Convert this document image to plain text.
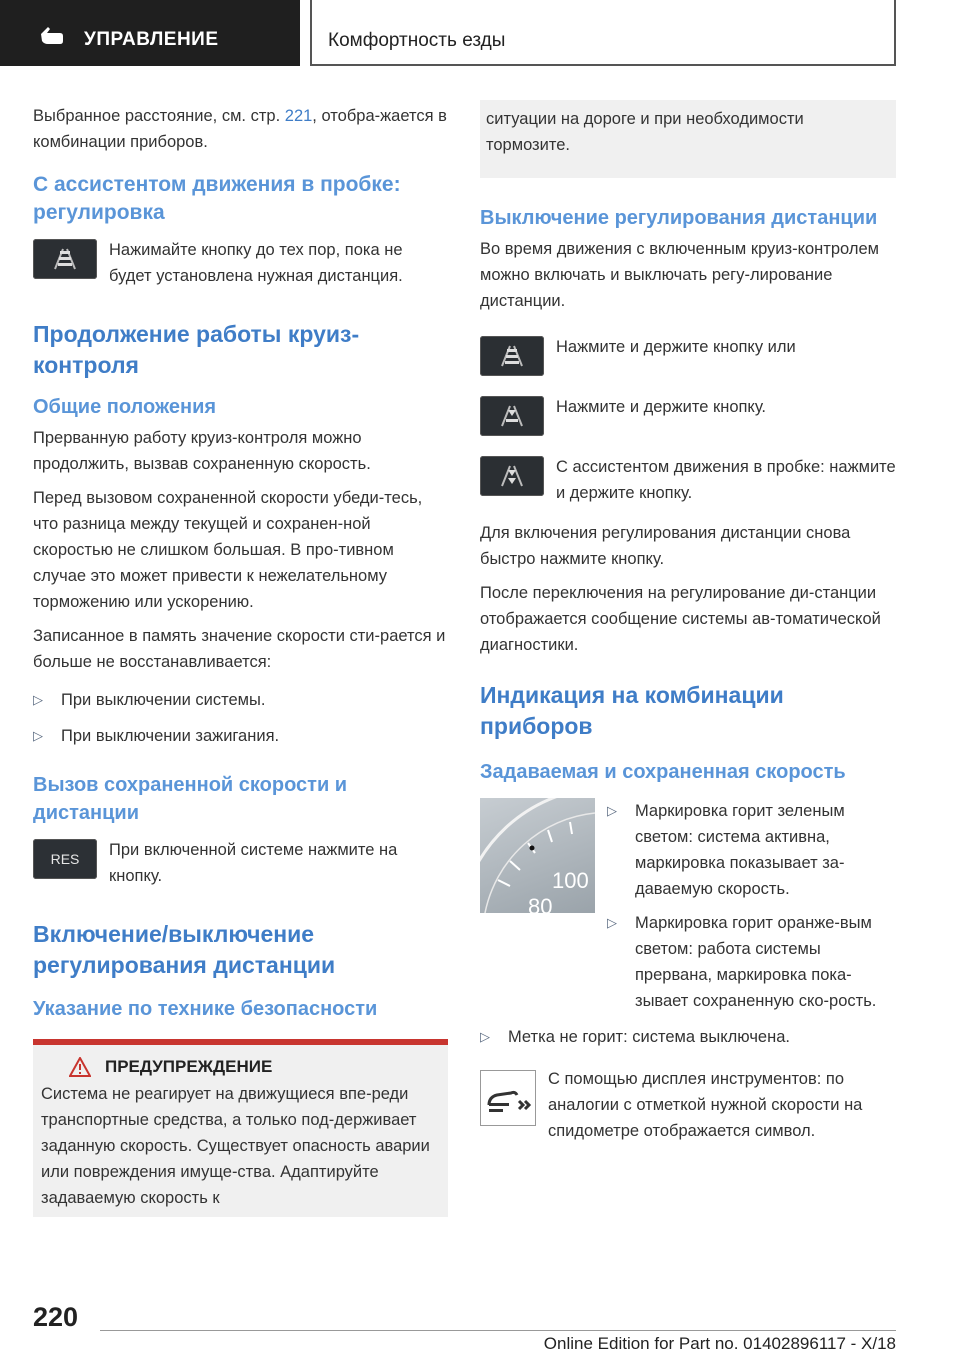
УПРАВЛЕНИЕ	Комфортность езды

Выбранное расстояние, см. стр. 221, отобра-жается в комбинации приборов.

С ассистентом движения в пробке: регулировка

Нажимайте кнопку до тех пор, пока не будет установлена нужная дистанция.

Продолжение работы круиз-контроля
Общие положения

Прерванную работу круиз-контроля можно продолжить, вызвав сохраненную скорость.

Перед вызовом сохраненной скорости убеди-тесь, что разница между текущей и сохранен-ной скоростью не слишком большая. В про-тивном случае это может привести к нежелательному торможению или ускорению.

Записанное в память значение скорости сти-рается и больше не восстанавливается:

▷	При выключении системы.
▷	При выключении зажигания.
Вызов сохраненной скорости и дистанции
RES	При включенной системе нажмите на кнопку.

Включение/выключение регулирования дистанции
Указание по технике безопасности
ПРЕДУПРЕЖДЕНИЕ

Система не реагирует на движущиеся впе-реди транспортные средства, а только под-держивает заданную скорость. Существует опасность аварии или повреждения имуще-ства. Адаптируйте задаваемую скорость к

ситуации на дороге и при необходимости тормозите.

Выключение регулирования дистанции

Во время движения с включенным круиз-контролем можно включать и выключать регу-лирование дистанции.

Нажмите и держите кнопку или

Нажмите и держите кнопку.

С ассистентом движения в пробке: нажмите и держите кнопку.

Для включения регулирования дистанции снова быстро нажмите кнопку.

После переключения на регулирование ди-станции отображается сообщение системы ав-томатической диагностики.

Индикация на комбинации приборов
Задаваемая и сохраненная скорость
100
80
▷	Маркировка горит зеленым светом: система активна, маркировка показывает за-даваемую скорость.
▷	Маркировка горит оранже-вым светом: работа системы прервана, маркировка пока-зывает сохраненную ско-рость.
▷	Метка не горит: система выключена.

С помощью дисплея инструментов: по аналогии с отметкой нужной скорости на спидометре отображается символ.

220
Online Edition for Part no. 01402896117 - X/18
